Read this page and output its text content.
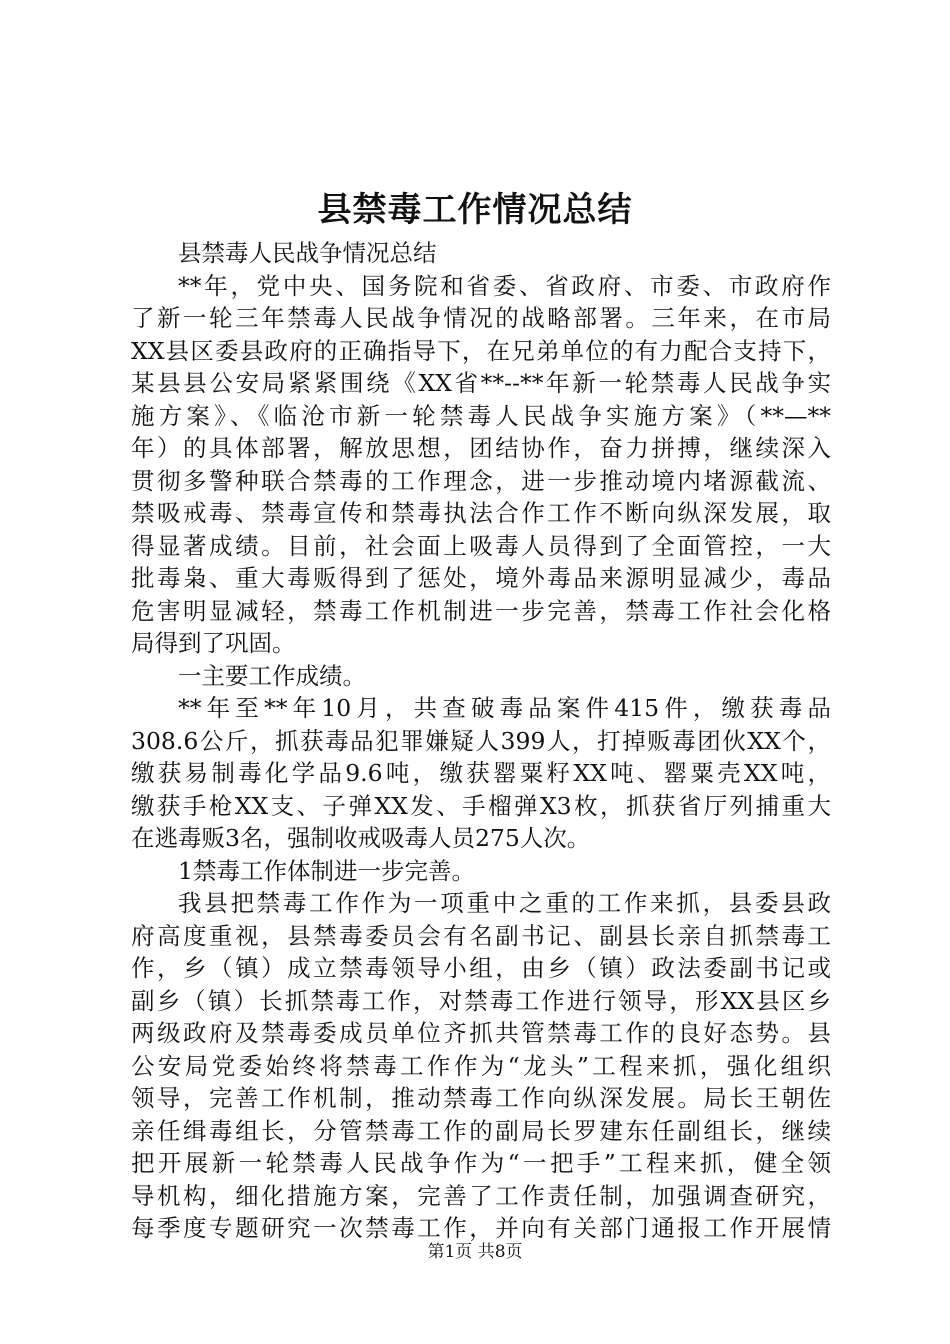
县禁毒工作情况总结
县禁毒人民战争情况总结
**年，党中央、国务院和省委、省政府、市委、市政府作
了新一轮三年禁毒人民战争情况的战略部署。三年来，在市局
XX县区委县政府的正确指导下，在兄弟单位的有力配合支持下，
某县县公安局紧紧围绕《XX省**--**年新一轮禁毒人民战争实
施方案》、《临沧市新一轮禁毒人民战争实施方案》（**—**
年）的具体部署，解放思想，团结协作，奋力拼搏，继续深入
贯彻多警种联合禁毒的工作理念，进一步推动境内堵源截流、
禁吸戒毒、禁毒宣传和禁毒执法合作工作不断向纵深发展，取
得显著成绩。目前，社会面上吸毒人员得到了全面管控，一大
批毒枭、重大毒贩得到了惩处，境外毒品来源明显减少，毒品
危害明显减轻，禁毒工作机制进一步完善，禁毒工作社会化格
局得到了巩固。
一主要工作成绩。
**年至**年10月，共查破毒品案件415件，缴获毒品
308.6公斤，抓获毒品犯罪嫌疑人399人，打掉贩毒团伙XX个，
缴获易制毒化学品9.6吨，缴获罂粟籽XX吨、罂粟壳XX吨，
缴获手枪XX支、子弹XX发、手榴弹X3枚，抓获省厅列捕重大
在逃毒贩3名，强制收戒吸毒人员275人次。
1禁毒工作体制进一步完善。
我县把禁毒工作作为一项重中之重的工作来抓，县委县政
府高度重视，县禁毒委员会有名副书记、副县长亲自抓禁毒工
作，乡（镇）成立禁毒领导小组，由乡（镇）政法委副书记或
副乡（镇）长抓禁毒工作，对禁毒工作进行领导，形XX县区乡
两级政府及禁毒委成员单位齐抓共管禁毒工作的良好态势。县
公安局党委始终将禁毒工作作为“龙头”工程来抓，强化组织
领导，完善工作机制，推动禁毒工作向纵深发展。局长王朝佐
亲任缉毒组长，分管禁毒工作的副局长罗建东任副组长，继续
把开展新一轮禁毒人民战争作为“一把手”工程来抓，健全领
导机构，细化措施方案，完善了工作责任制，加强调查研究，
每季度专题研究一次禁毒工作，并向有关部门通报工作开展情
第1页 共8页
